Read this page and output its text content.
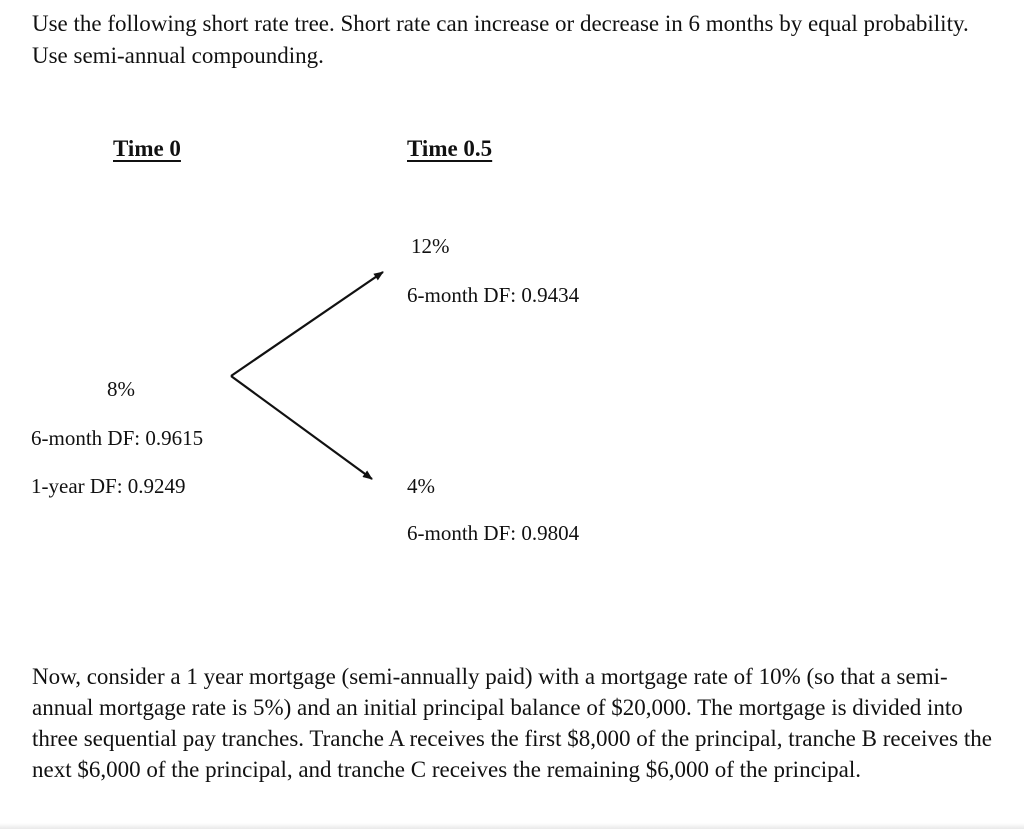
Use the following short rate tree. Short rate can increase or decrease in 6 months by equal probability. Use semi-annual compounding.
Time 0	Time 0.5
8%
6-month DF: 0.9615
1-year DF: 0.9249
12%
6-month DF: 0.9434
4%
6-month DF: 0.9804
Now, consider a 1 year mortgage (semi-annually paid) with a mortgage rate of 10% (so that a semi-annual mortgage rate is 5%) and an initial principal balance of $20,000. The mortgage is divided into three sequential pay tranches. Tranche A receives the first $8,000 of the principal, tranche B receives the next $6,000 of the principal, and tranche C receives the remaining $6,000 of the principal.
